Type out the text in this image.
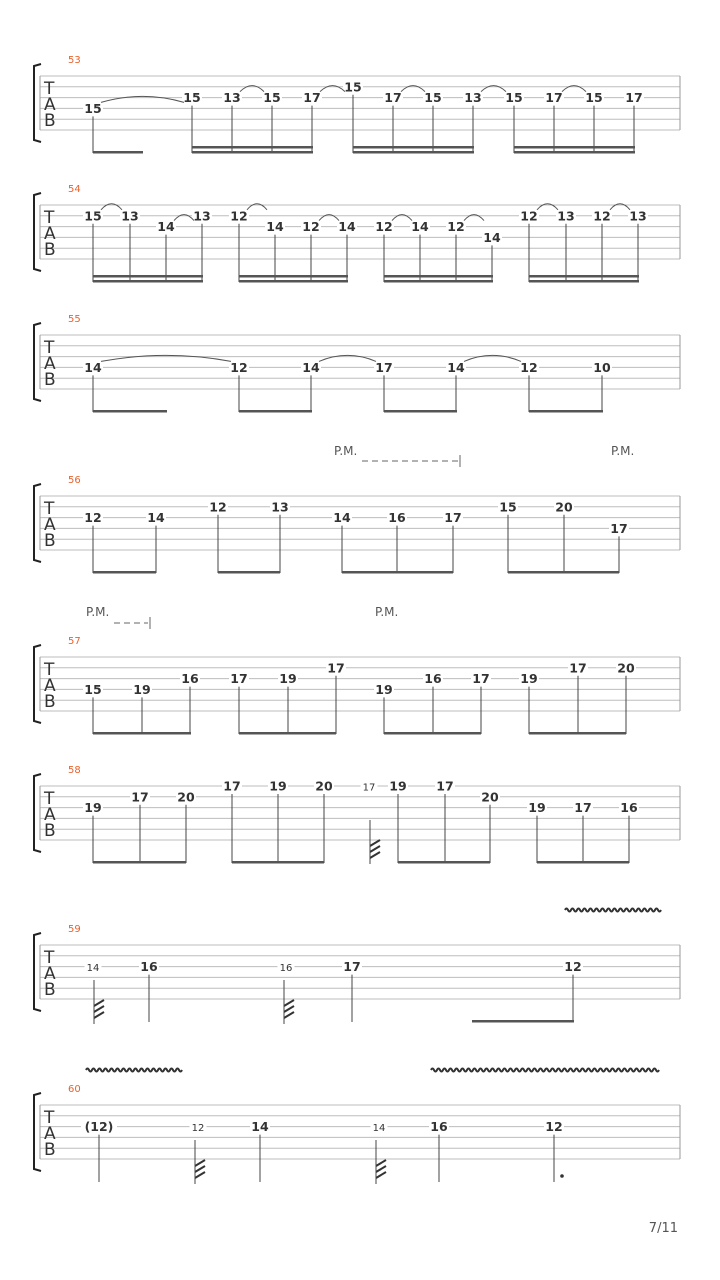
T
A
B
53
15
15 13 15 17
15
17 15 13 15 17 15 17
T
A
B
54
15 13
14
13 12
14 12 14 12 14 12
14
12 13 12 13
T
A
B
55
14	12	14	17	14	12	10
T
A
B
56
P.M.	P.M.
12	14
12	13
14	16	17
15	20
17
T
A
B
57
P.M.	P.M.
15	19
16	17	19
17
19
16 17 19
17 20
T
A
B
58
19
17 20
17 19 20	17 19 17
20
19 17 16
T
A
B
59
14	16	16	17	12
T
A
B
60
(12)	12	14	14	16	12
7/11
